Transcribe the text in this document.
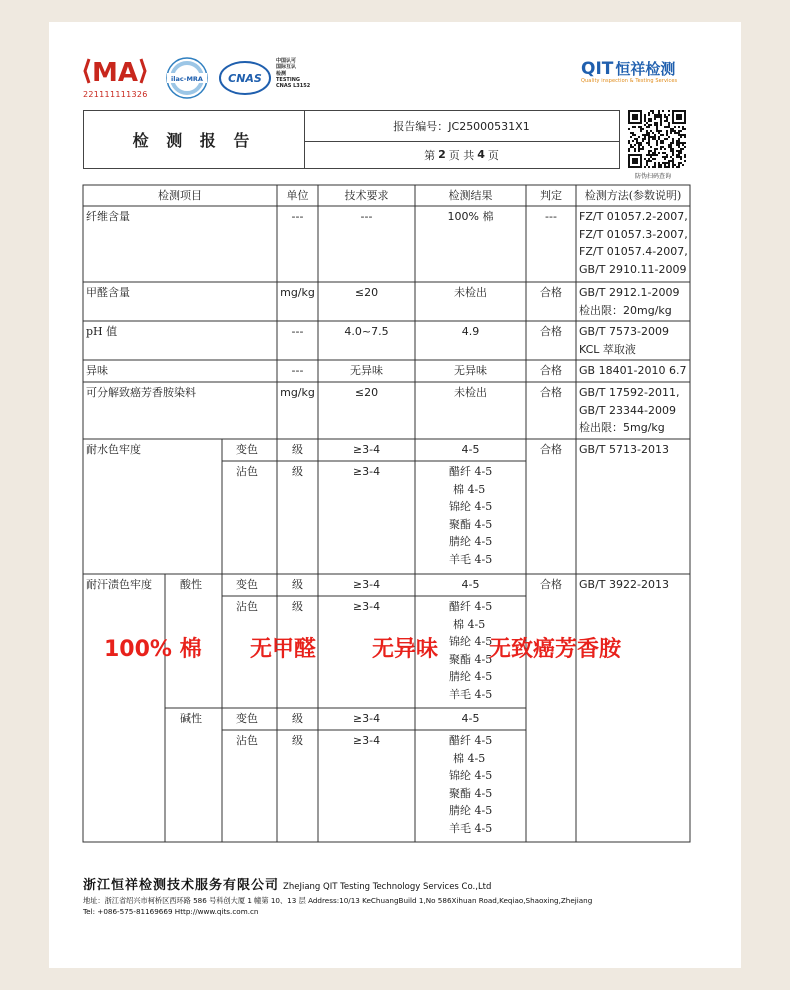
MA
221111111326
ilac-MRA CNAS
中国认可
国际互认
检测
TESTING
CNAS L3152
QIT 恒祥检测
Quality inspection & Testing Services
检 测 报 告
报告编号：JC25000531X1
第 2 页 共 4 页
防伪扫码查询
检测项目	单位	技术要求	检测结果	判定	检测方法(参数说明)
纤维含量	---	---	100% 棉	---	FZ/T 01057.2-2007,
FZ/T 01057.3-2007,
FZ/T 01057.4-2007,
GB/T 2910.11-2009
甲醛含量	mg/kg	≤20	未检出	合格	GB/T 2912.1-2009
检出限：20mg/kg
pH 值	---	4.0~7.5	4.9	合格	GB/T 7573-2009
KCL 萃取液
异味	---	无异味	无异味	合格	GB 18401-2010 6.7
可分解致癌芳香胺染料	mg/kg	≤20	未检出	合格	GB/T 17592-2011,
GB/T 23344-2009
检出限：5mg/kg
耐水色牢度	变色	级	≥3-4	4-5	合格	GB/T 5713-2013
沾色	级	≥3-4	醋纤 4-5
棉 4-5
锦纶 4-5
聚酯 4-5
腈纶 4-5
羊毛 4-5
耐汗渍色牢度	酸性	变色	级	≥3-4	4-5	合格	GB/T 3922-2013
沾色	级	≥3-4	醋纤 4-5
棉 4-5
锦纶 4-5
聚酯 4-5
腈纶 4-5
羊毛 4-5
碱性	变色	级	≥3-4	4-5
沾色	级	≥3-4	醋纤 4-5
棉 4-5
锦纶 4-5
聚酯 4-5
腈纶 4-5
羊毛 4-5
100% 棉 无甲醛	无异味 无致癌芳香胺
浙江恒祥检测技术服务有限公司 ZheJiang QIT Testing Technology Services Co.,Ltd
地址：浙江省绍兴市柯桥区西环路 586 号科创大厦 1 幢第 10、13 层 Address:10/13 KeChuangBuild 1,No 586Xihuan Road,Keqiao,Shaoxing,Zhejiang
Tel: +086-575-81169669 Http://www.qits.com.cn
